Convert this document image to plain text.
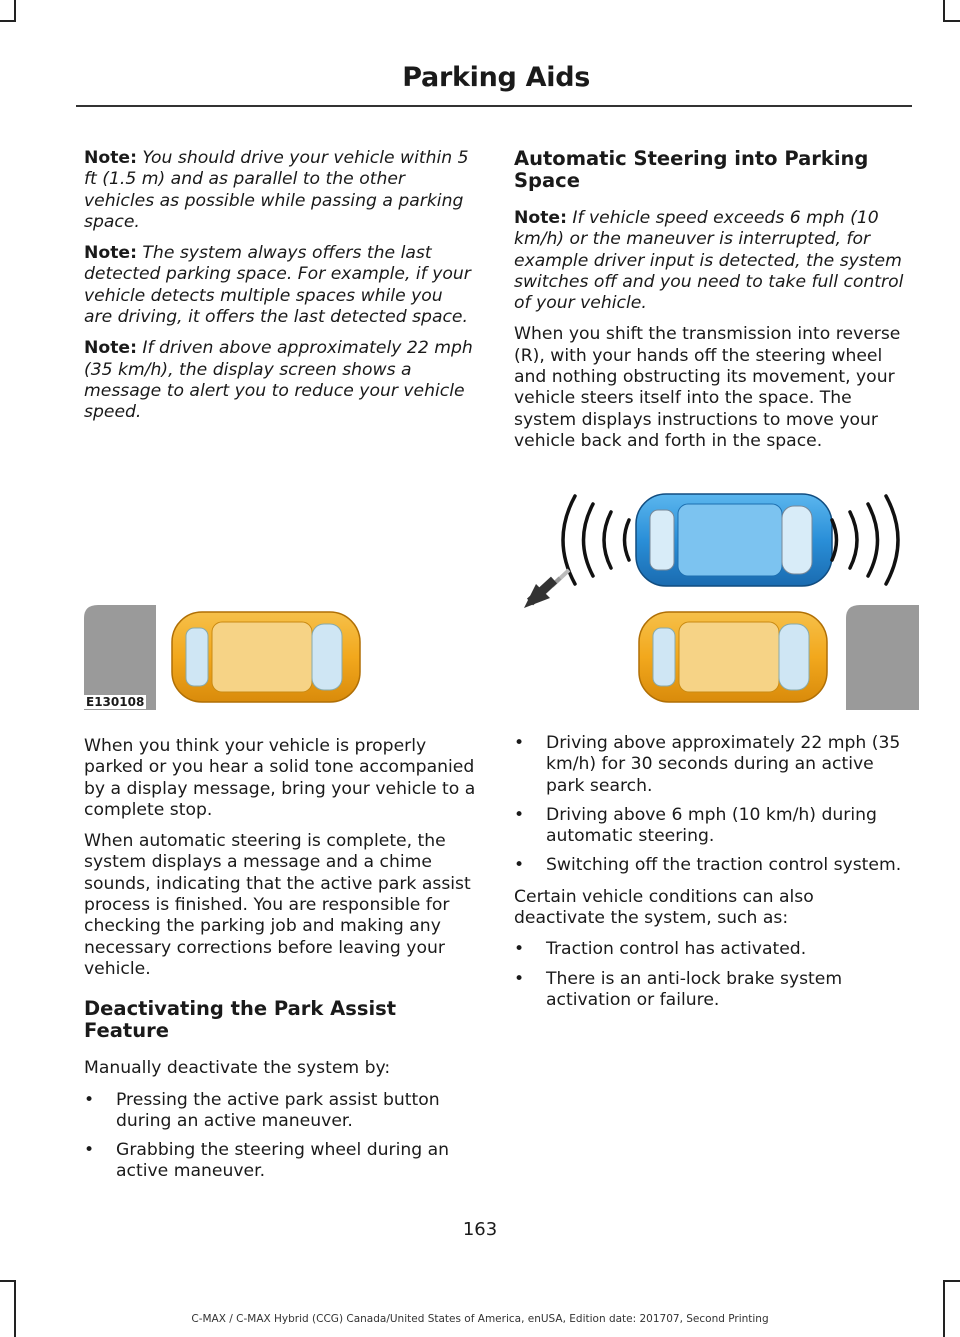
Parking Aids

Note: You should drive your vehicle within 5 ft (1.5 m) and as parallel to the other vehicles as possible while passing a parking space.

Note: The system always offers the last detected parking space. For example, if your vehicle detects multiple spaces while you are driving, it offers the last detected space.

Note: If driven above approximately 22 mph (35 km/h), the display screen shows a message to alert you to reduce your vehicle speed.

Automatic Steering into Parking Space

Note: If vehicle speed exceeds 6 mph (10 km/h) or the maneuver is interrupted, for example driver input is detected, the system switches off and you need to take full control of your vehicle.

When you shift the transmission into reverse (R), with your hands off the steering wheel and nothing obstructing its movement, your vehicle steers itself into the space. The system displays instructions to move your vehicle back and forth in the space.

E130108

When you think your vehicle is properly parked or you hear a solid tone accompanied by a display message, bring your vehicle to a complete stop.

When automatic steering is complete, the system displays a message and a chime sounds, indicating that the active park assist process is finished. You are responsible for checking the parking job and making any necessary corrections before leaving your vehicle.

Deactivating the Park Assist Feature

Manually deactivate the system by:

•	Pressing the active park assist button during an active maneuver.
•	Grabbing the steering wheel during an active maneuver.
•	Driving above approximately 22 mph (35 km/h) for 30 seconds during an active park search.
•	Driving above 6 mph (10 km/h) during automatic steering.
•	Switching off the traction control system.

Certain vehicle conditions can also deactivate the system, such as:

•	Traction control has activated.
•	There is an anti-lock brake system activation or failure.
163
C-MAX / C-MAX Hybrid (CCG) Canada/United States of America, enUSA, Edition date: 201707, Second Printing
